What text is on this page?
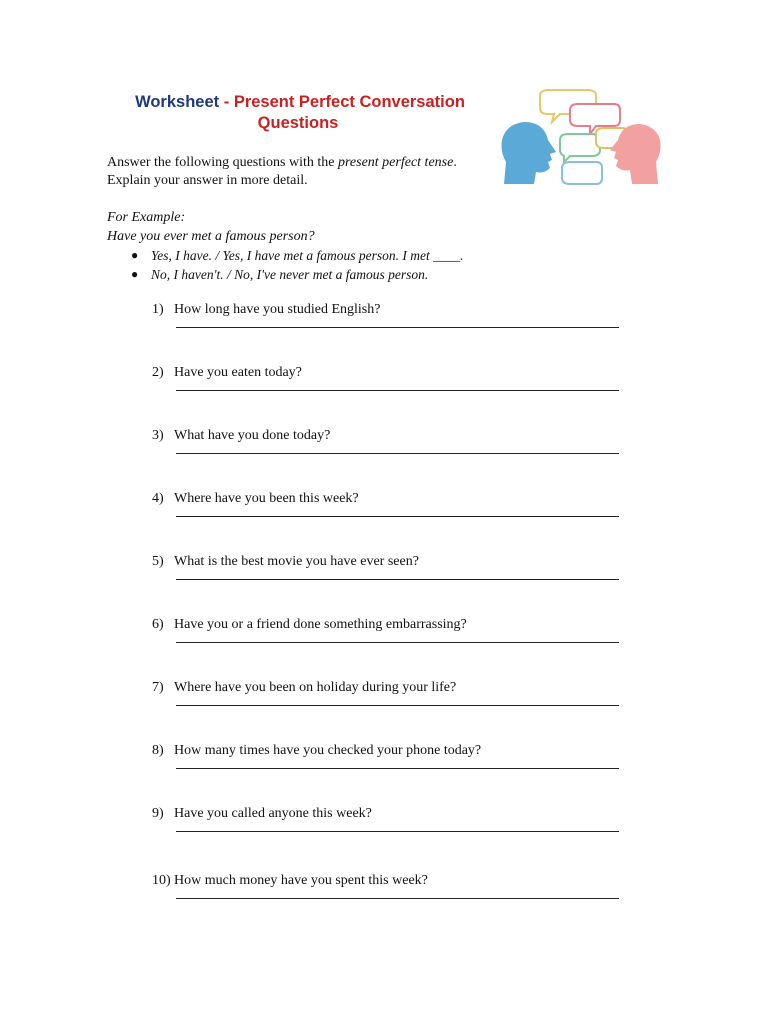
Worksheet - Present Perfect Conversation
Questions
Answer the following questions with the present perfect tense.
Explain your answer in more detail.
For Example:
Have you ever met a famous person?
● Yes, I have. / Yes, I have met a famous person. I met ____.
● No, I haven't. / No, I've never met a famous person.
1) How long have you studied English?
2) Have you eaten today?
3) What have you done today?
4) Where have you been this week?
5) What is the best movie you have ever seen?
6) Have you or a friend done something embarrassing?
7) Where have you been on holiday during your life?
8) How many times have you checked your phone today?
9) Have you called anyone this week?
10) How much money have you spent this week?
